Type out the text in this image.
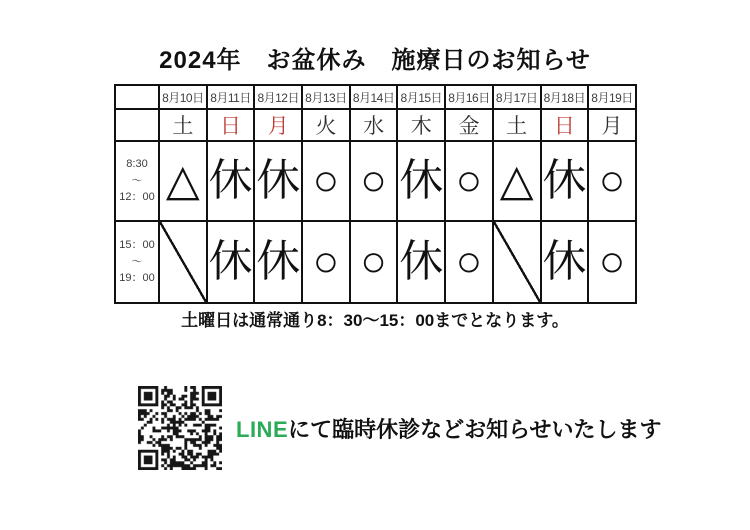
2024年　お盆休み　施療日のお知らせ
	8月10日	8月11日	8月12日	8月13日	8月14日	8月15日	8月16日	8月17日	8月18日	8月19日
	土	日	月	火	水	木	金	土	日	月

8:30
～
12：00	△	休	休	○	○	休	○	△	休	○

15：00
～
19：00		休	休	○	○	休	○		休	○

土曜日は通常通り8：30～15：00までとなります。

LINEにて臨時休診などお知らせいたします
